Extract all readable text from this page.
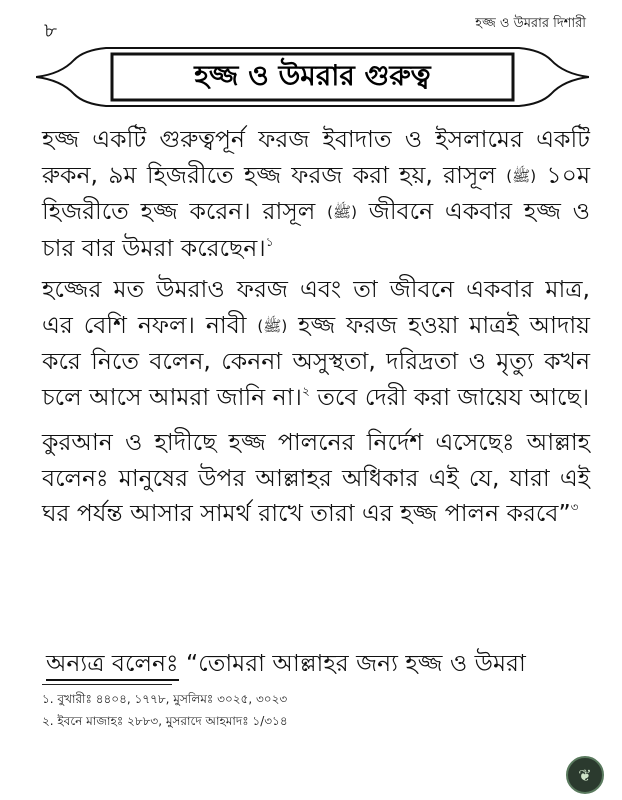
৮	হজ্জ ও উমরার দিশারী
হজ্জ ও উমরার গুরুত্ব

হজ্জ একটি গুরুত্বপূর্ন ফরজ ইবাদাত ও ইসলামের একটি রুকন, ৯ম হিজরীতে হজ্জ ফরজ করা হয়, রাসূল (ﷺ) ১০ম হিজরীতে হজ্জ করেন। রাসূল (ﷺ) জীবনে একবার হজ্জ ও চার বার উমরা করেছেন।$^১$

হজ্জের মত উমরাও ফরজ এবং তা জীবনে একবার মাত্র, এর বেশি নফল। নাবী (ﷺ) হজ্জ ফরজ হওয়া মাত্রই আদায় করে নিতে বলেন, কেননা অসুস্থতা, দরিদ্রতা ও মৃত্যু কখন চলে আসে আমরা জানি না।$^২$ তবে দেরী করা জায়েয আছে।

কুরআন ও হাদীছে হজ্জ পালনের নির্দেশ এসেছেঃ আল্লাহ বলেনঃ মানুষের উপর আল্লাহর অধিকার এই যে, যারা এই ঘর পর্যন্ত আসার সামর্থ রাখে তারা এর হজ্জ পালন করবে”$^৩$

অন্যত্র বলেনঃ “তোমরা আল্লাহর জন্য হজ্জ ও উমরা

১. বুখারীঃ ৪৪০৪, ১৭৭৮, মুসলিমঃ ৩০২৫, ৩০২৩

২. ইবনে মাজাহঃ ২৮৮৩, মুসরাদে আহমাদঃ ১/৩১৪

❦
